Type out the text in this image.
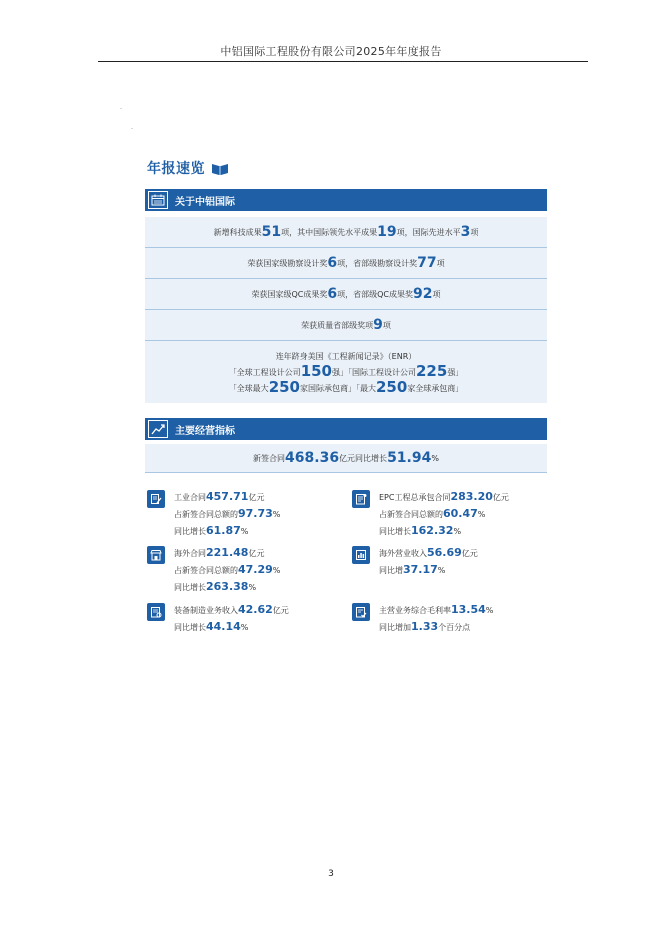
中铝国际工程股份有限公司2025年年度报告
年报速览
关于中铝国际
新增科技成果51项，其中国际领先水平成果19项，国际先进水平3项
荣获国家级勘察设计奖6项，省部级勘察设计奖77项
荣获国家级QC成果奖6项，省部级QC成果奖92项
荣获质量省部级奖项9项
连年跻身美国《工程新闻记录》（ENR）
「全球工程设计公司150强」「国际工程设计公司225强」
「全球最大250家国际承包商」「最大250家全球承包商」
主要经营指标
新签合同468.36亿元同比增长51.94%
工业合同457.71亿元
占新签合同总额的97.73%
同比增长61.87%
EPC工程总承包合同283.20亿元
占新签合同总额的60.47%
同比增长162.32%
海外合同221.48亿元
占新签合同总额的47.29%
同比增长263.38%
海外营业收入56.69亿元
同比增37.17%
装备制造业务收入42.62亿元
同比增长44.14%
主营业务综合毛利率13.54%
同比增加1.33个百分点
3
